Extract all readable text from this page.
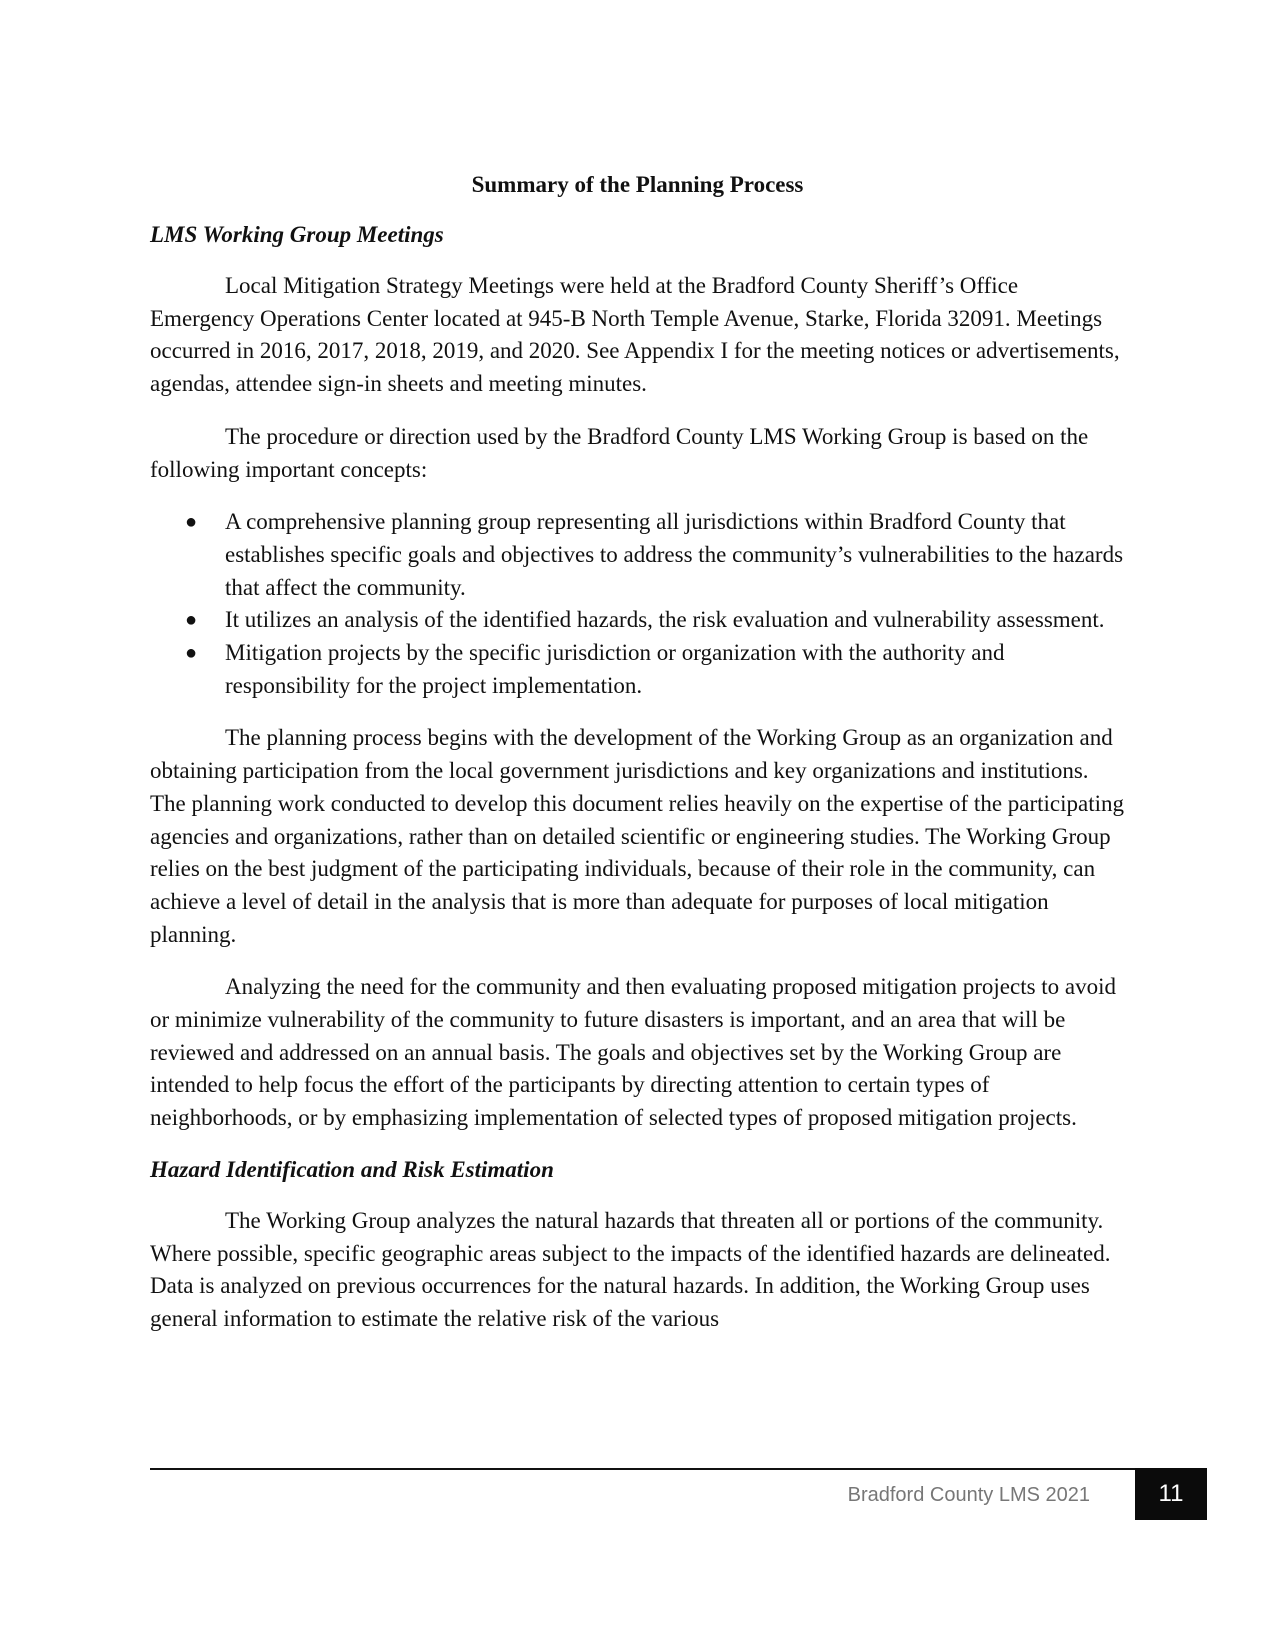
Summary of the Planning Process
LMS Working Group Meetings

Local Mitigation Strategy Meetings were held at the Bradford County Sheriff’s Office Emergency Operations Center located at 945-B North Temple Avenue, Starke, Florida 32091. Meetings occurred in 2016, 2017, 2018, 2019, and 2020. See Appendix I for the meeting notices or advertisements, agendas, attendee sign-in sheets and meeting minutes.

The procedure or direction used by the Bradford County LMS Working Group is based on the following important concepts:

● A comprehensive planning group representing all jurisdictions within Bradford County that establishes specific goals and objectives to address the community’s vulnerabilities to the hazards that affect the community.
● It utilizes an analysis of the identified hazards, the risk evaluation and vulnerability assessment.
● Mitigation projects by the specific jurisdiction or organization with the authority and responsibility for the project implementation.

The planning process begins with the development of the Working Group as an organization and obtaining participation from the local government jurisdictions and key organizations and institutions. The planning work conducted to develop this document relies heavily on the expertise of the participating agencies and organizations, rather than on detailed scientific or engineering studies. The Working Group relies on the best judgment of the participating individuals, because of their role in the community, can achieve a level of detail in the analysis that is more than adequate for purposes of local mitigation planning.

Analyzing the need for the community and then evaluating proposed mitigation projects to avoid or minimize vulnerability of the community to future disasters is important, and an area that will be reviewed and addressed on an annual basis. The goals and objectives set by the Working Group are intended to help focus the effort of the participants by directing attention to certain types of neighborhoods, or by emphasizing implementation of selected types of proposed mitigation projects.

Hazard Identification and Risk Estimation

The Working Group analyzes the natural hazards that threaten all or portions of the community. Where possible, specific geographic areas subject to the impacts of the identified hazards are delineated. Data is analyzed on previous occurrences for the natural hazards. In addition, the Working Group uses general information to estimate the relative risk of the various

Bradford County LMS 2021	11
